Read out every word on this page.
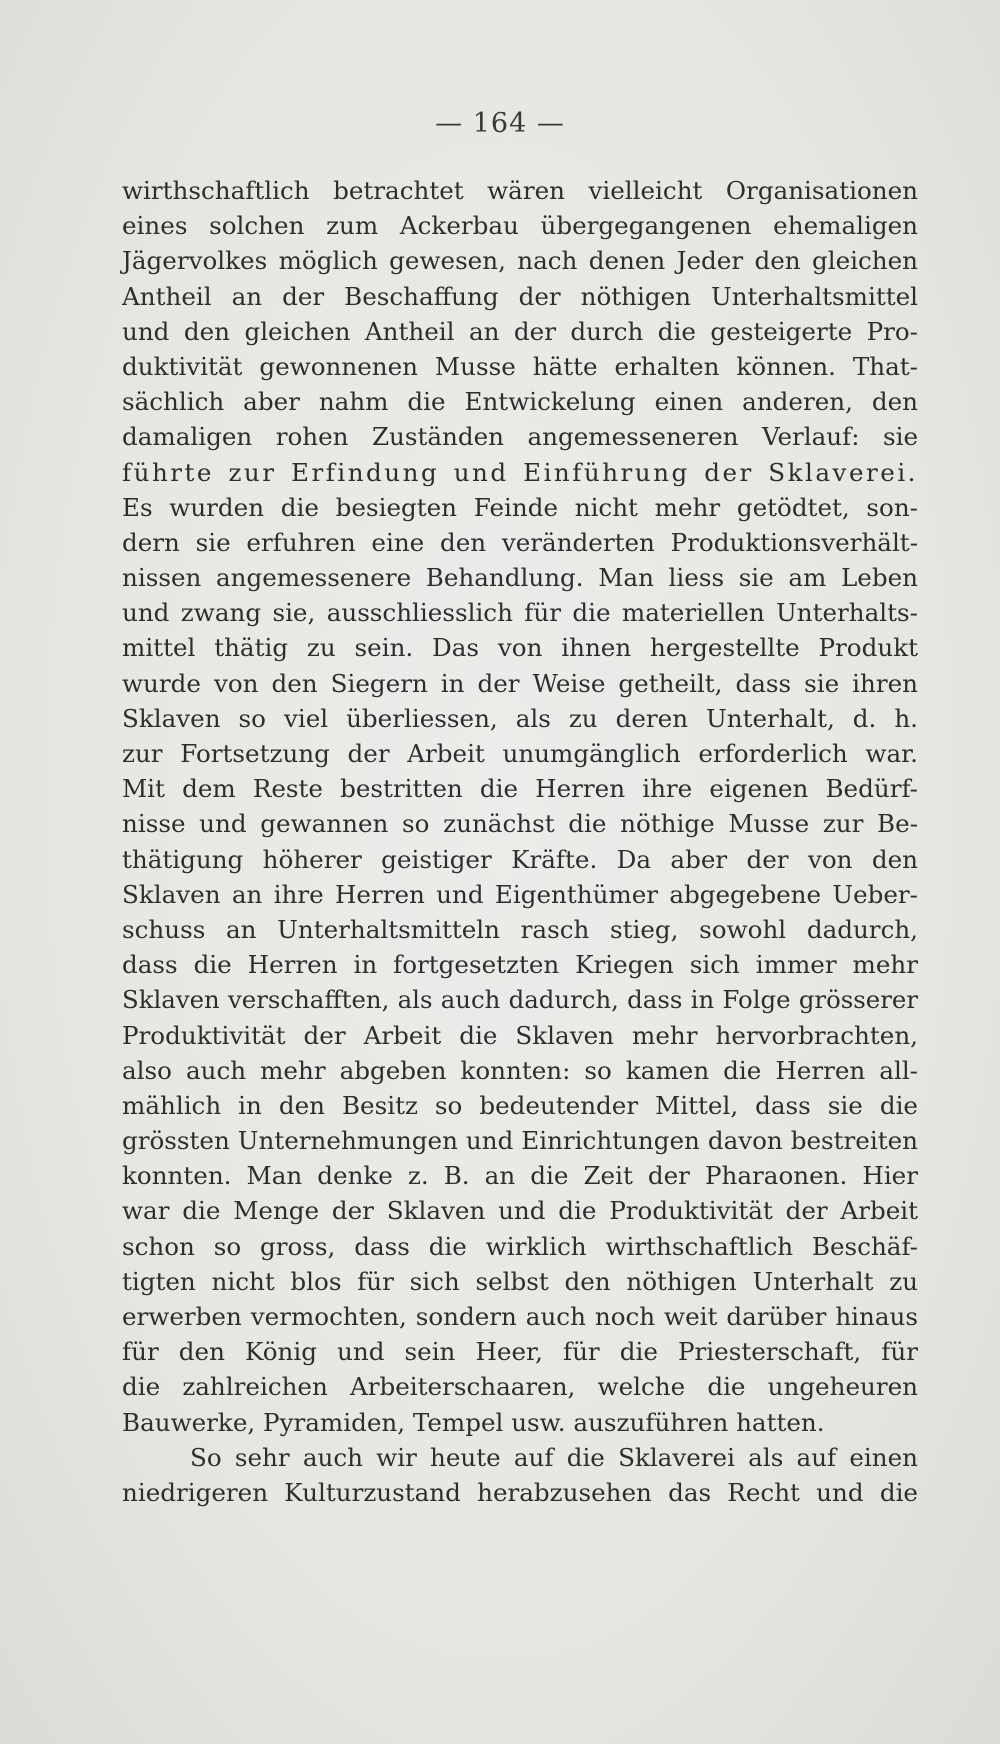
— 164 —
wirthschaftlich betrachtet wären vielleicht Organisationen
eines solchen zum Ackerbau übergegangenen ehemaligen
Jägervolkes möglich gewesen, nach denen Jeder den gleichen
Antheil an der Beschaffung der nöthigen Unterhaltsmittel
und den gleichen Antheil an der durch die gesteigerte Pro-
duktivität gewonnenen Musse hätte erhalten können. That-
sächlich aber nahm die Entwickelung einen anderen, den
damaligen rohen Zuständen angemesseneren Verlauf: sie
führte zur Erfindung und Einführung der Sklaverei.
Es wurden die besiegten Feinde nicht mehr getödtet, son-
dern sie erfuhren eine den veränderten Produktionsverhält-
nissen angemessenere Behandlung. Man liess sie am Leben
und zwang sie, ausschliesslich für die materiellen Unterhalts-
mittel thätig zu sein. Das von ihnen hergestellte Produkt
wurde von den Siegern in der Weise getheilt, dass sie ihren
Sklaven so viel überliessen, als zu deren Unterhalt, d. h.
zur Fortsetzung der Arbeit unumgänglich erforderlich war.
Mit dem Reste bestritten die Herren ihre eigenen Bedürf-
nisse und gewannen so zunächst die nöthige Musse zur Be-
thätigung höherer geistiger Kräfte. Da aber der von den
Sklaven an ihre Herren und Eigenthümer abgegebene Ueber-
schuss an Unterhaltsmitteln rasch stieg, sowohl dadurch,
dass die Herren in fortgesetzten Kriegen sich immer mehr
Sklaven verschafften, als auch dadurch, dass in Folge grösserer
Produktivität der Arbeit die Sklaven mehr hervorbrachten,
also auch mehr abgeben konnten: so kamen die Herren all-
mählich in den Besitz so bedeutender Mittel, dass sie die
grössten Unternehmungen und Einrichtungen davon bestreiten
konnten. Man denke z. B. an die Zeit der Pharaonen. Hier
war die Menge der Sklaven und die Produktivität der Arbeit
schon so gross, dass die wirklich wirthschaftlich Beschäf-
tigten nicht blos für sich selbst den nöthigen Unterhalt zu
erwerben vermochten, sondern auch noch weit darüber hinaus
für den König und sein Heer, für die Priesterschaft, für
die zahlreichen Arbeiterschaaren, welche die ungeheuren
Bauwerke, Pyramiden, Tempel usw. auszuführen hatten.
So sehr auch wir heute auf die Sklaverei als auf einen
niedrigeren Kulturzustand herabzusehen das Recht und die
